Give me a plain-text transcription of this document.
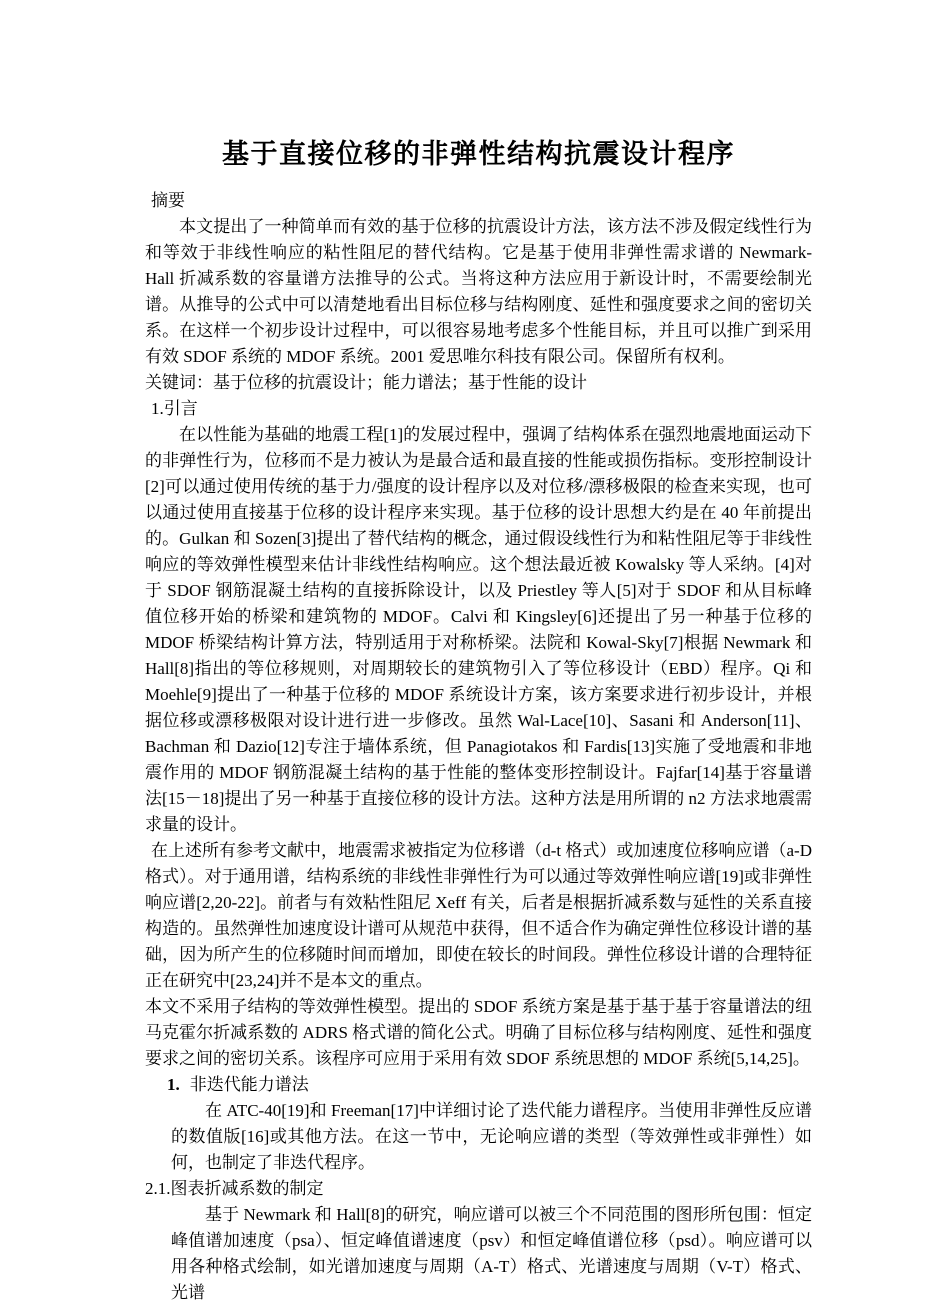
基于直接位移的非弹性结构抗震设计程序

摘要

本文提出了一种简单而有效的基于位移的抗震设计方法，该方法不涉及假定线性行为和等效于非线性响应的粘性阻尼的替代结构。它是基于使用非弹性需求谱的 Newmark-Hall 折减系数的容量谱方法推导的公式。当将这种方法应用于新设计时，不需要绘制光谱。从推导的公式中可以清楚地看出目标位移与结构刚度、延性和强度要求之间的密切关系。在这样一个初步设计过程中，可以很容易地考虑多个性能目标，并且可以推广到采用有效 SDOF 系统的 MDOF 系统。2001 爱思唯尔科技有限公司。保留所有权利。

关键词：基于位移的抗震设计；能力谱法；基于性能的设计

1.引言

在以性能为基础的地震工程[1]的发展过程中，强调了结构体系在强烈地震地面运动下的非弹性行为，位移而不是力被认为是最合适和最直接的性能或损伤指标。变形控制设计[2]可以通过使用传统的基于力/强度的设计程序以及对位移/漂移极限的检查来实现，也可以通过使用直接基于位移的设计程序来实现。基于位移的设计思想大约是在 40 年前提出的。Gulkan 和 Sozen[3]提出了替代结构的概念，通过假设线性行为和粘性阻尼等于非线性响应的等效弹性模型来估计非线性结构响应。这个想法最近被 Kowalsky 等人采纳。[4]对于 SDOF 钢筋混凝土结构的直接拆除设计，以及 Priestley 等人[5]对于 SDOF 和从目标峰值位移开始的桥梁和建筑物的 MDOF。Calvi 和 Kingsley[6]还提出了另一种基于位移的 MDOF 桥梁结构计算方法，特别适用于对称桥梁。法院和 Kowal-Sky[7]根据 Newmark 和 Hall[8]指出的等位移规则，对周期较长的建筑物引入了等位移设计（EBD）程序。Qi 和 Moehle[9]提出了一种基于位移的 MDOF 系统设计方案，该方案要求进行初步设计，并根据位移或漂移极限对设计进行进一步修改。虽然 Wal-Lace[10]、Sasani 和 Anderson[11]、Bachman 和 Dazio[12]专注于墙体系统，但 Panagiotakos 和 Fardis[13]实施了受地震和非地震作用的 MDOF 钢筋混凝土结构的基于性能的整体变形控制设计。Fajfar[14]基于容量谱法[15－18]提出了另一种基于直接位移的设计方法。这种方法是用所谓的 n2 方法求地震需求量的设计。

在上述所有参考文献中，地震需求被指定为位移谱（d-t 格式）或加速度位移响应谱（a-D 格式）。对于通用谱，结构系统的非线性非弹性行为可以通过等效弹性响应谱[19]或非弹性响应谱[2,20-22]。前者与有效粘性阻尼 Xeff 有关，后者是根据折减系数与延性的关系直接构造的。虽然弹性加速度设计谱可从规范中获得，但不适合作为确定弹性位移设计谱的基础，因为所产生的位移随时间而增加，即使在较长的时间段。弹性位移设计谱的合理特征正在研究中[23,24]并不是本文的重点。

本文不采用子结构的等效弹性模型。提出的 SDOF 系统方案是基于基于基于容量谱法的纽马克霍尔折减系数的 ADRS 格式谱的简化公式。明确了目标位移与结构刚度、延性和强度要求之间的密切关系。该程序可应用于采用有效 SDOF 系统思想的 MDOF 系统[5,14,25]。

1. 非迭代能力谱法

在 ATC-40[19]和 Freeman[17]中详细讨论了迭代能力谱程序。当使用非弹性反应谱的数值版[16]或其他方法。在这一节中，无论响应谱的类型（等效弹性或非弹性）如何，也制定了非迭代程序。

2.1.图表折减系数的制定

基于 Newmark 和 Hall[8]的研究，响应谱可以被三个不同范围的图形所包围：恒定峰值谱加速度（psa）、恒定峰值谱速度（psv）和恒定峰值谱位移（psd）。响应谱可以用各种格式绘制，如光谱加速度与周期（A-T）格式、光谱速度与周期（V-T）格式、光谱
